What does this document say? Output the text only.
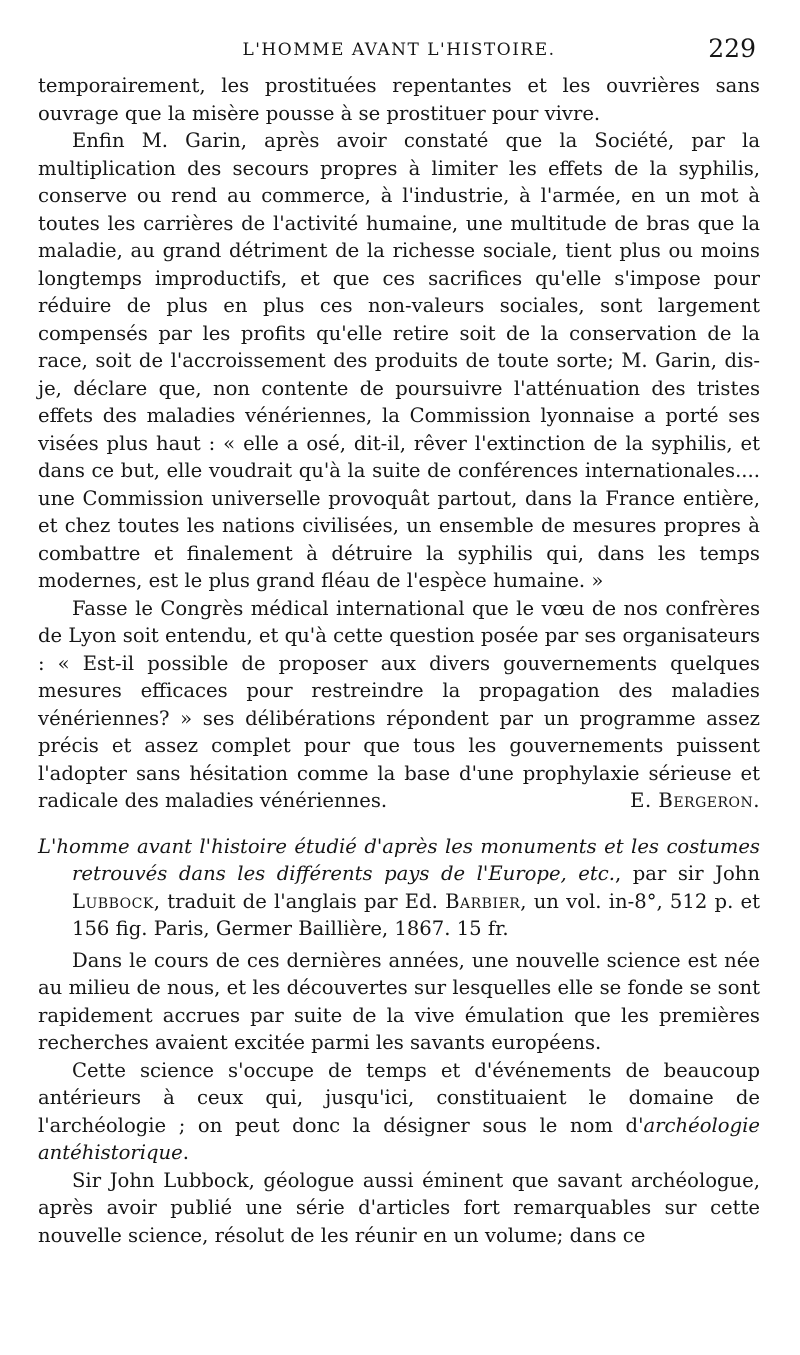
L'HOMME AVANT L'HISTOIRE.	229

temporairement, les prostituées repentantes et les ouvrières sans ouvrage que la misère pousse à se prostituer pour vivre.

Enfin M. Garin, après avoir constaté que la Société, par la multiplication des secours propres à limiter les effets de la syphilis, conserve ou rend au commerce, à l'industrie, à l'armée, en un mot à toutes les carrières de l'activité humaine, une multitude de bras que la maladie, au grand détriment de la richesse sociale, tient plus ou moins longtemps improductifs, et que ces sacrifices qu'elle s'impose pour réduire de plus en plus ces non-valeurs sociales, sont largement compensés par les profits qu'elle retire soit de la conservation de la race, soit de l'accroissement des produits de toute sorte; M. Garin, dis-je, déclare que, non contente de poursuivre l'atténuation des tristes effets des maladies vénériennes, la Commission lyonnaise a porté ses visées plus haut : « elle a osé, dit-il, rêver l'extinction de la syphilis, et dans ce but, elle voudrait qu'à la suite de conférences internationales.... une Commission universelle provoquât partout, dans la France entière, et chez toutes les nations civilisées, un ensemble de mesures propres à combattre et finalement à détruire la syphilis qui, dans les temps modernes, est le plus grand fléau de l'espèce humaine. »

Fasse le Congrès médical international que le vœu de nos confrères de Lyon soit entendu, et qu'à cette question posée par ses organisateurs : « Est-il possible de proposer aux divers gouvernements quelques mesures efficaces pour restreindre la propagation des maladies vénériennes? » ses délibérations répondent par un programme assez précis et assez complet pour que tous les gouvernements puissent l'adopter sans hésitation comme la base d'une prophylaxie sérieuse et radicale des maladies vénériennes.	E. Bergeron.

L'homme avant l'histoire étudié d'après les monuments et les costumes retrouvés dans les différents pays de l'Europe, etc., par sir John Lubbock, traduit de l'anglais par Ed. Barbier, un vol. in-8°, 512 p. et 156 fig. Paris, Germer Baillière, 1867. 15 fr.

Dans le cours de ces dernières années, une nouvelle science est née au milieu de nous, et les découvertes sur lesquelles elle se fonde se sont rapidement accrues par suite de la vive émulation que les premières recherches avaient excitée parmi les savants européens.

Cette science s'occupe de temps et d'événements de beaucoup antérieurs à ceux qui, jusqu'ici, constituaient le domaine de l'archéologie ; on peut donc la désigner sous le nom d'archéologie antéhistorique.

Sir John Lubbock, géologue aussi éminent que savant archéologue, après avoir publié une série d'articles fort remarquables sur cette nouvelle science, résolut de les réunir en un volume; dans ce
